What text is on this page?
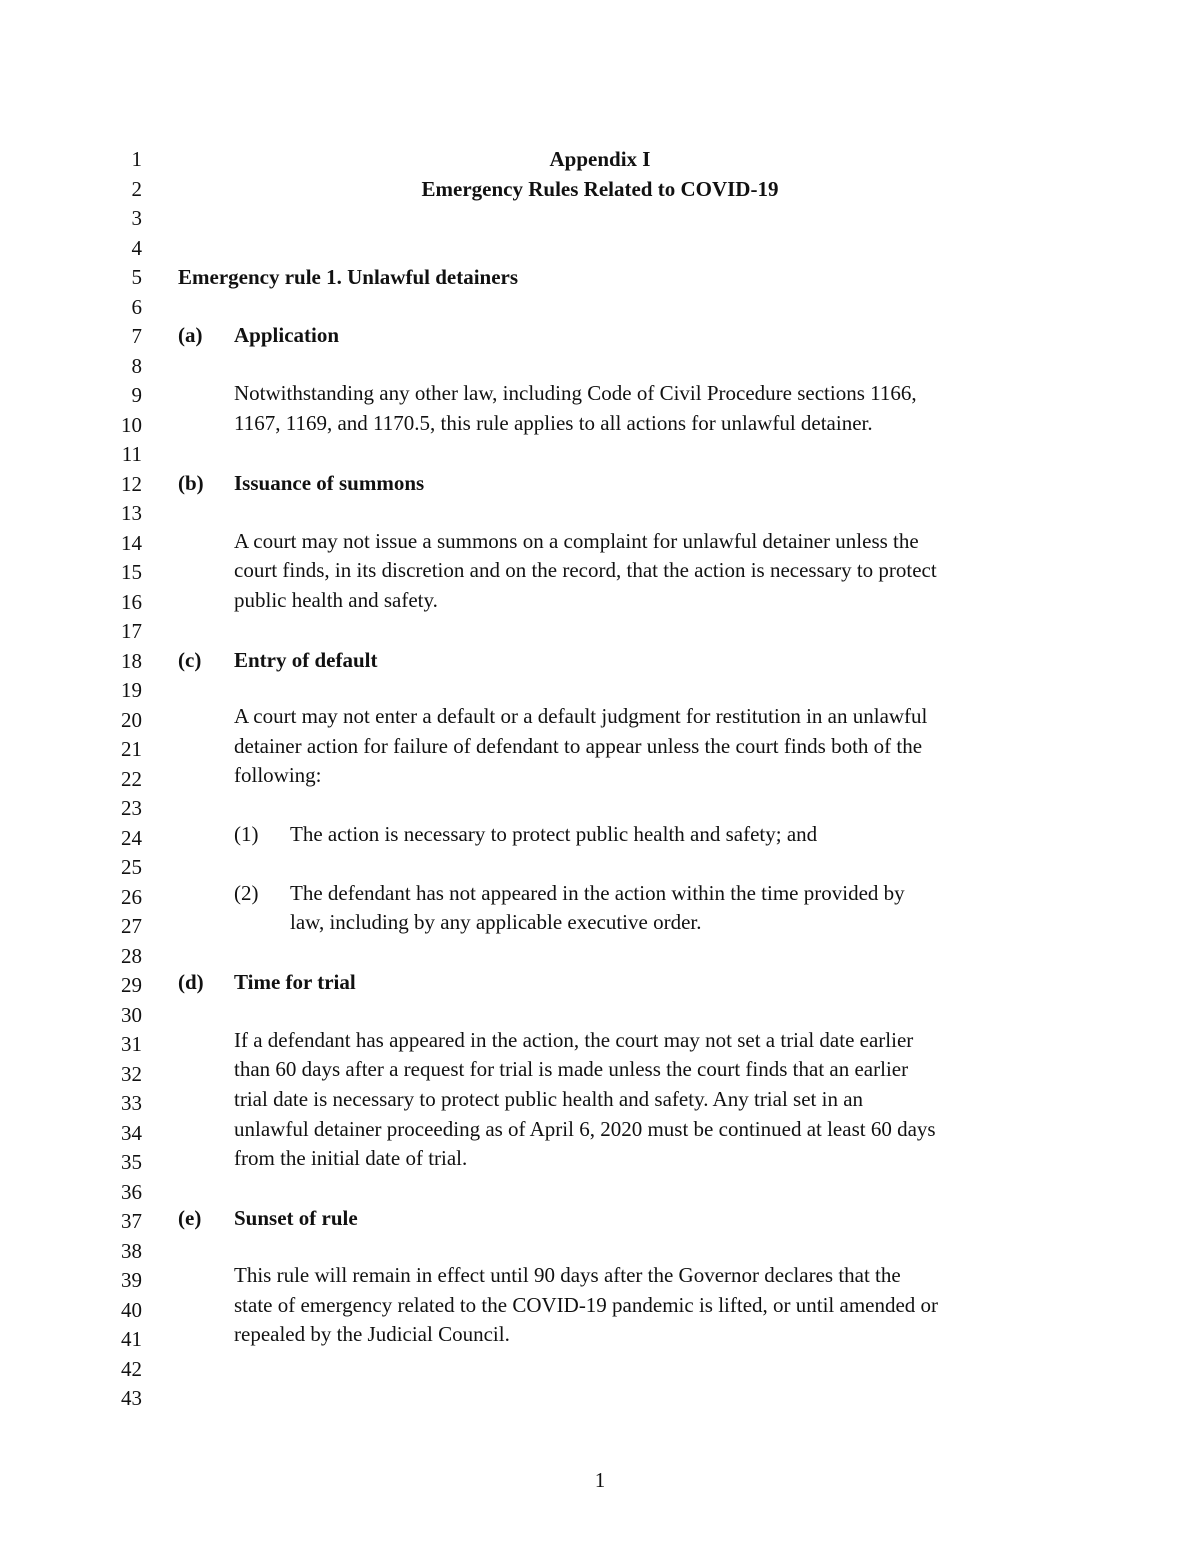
1
2
3
4
5
6
7
8
9
10
11
12
13
14
15
16
17
18
19
20
21
22
23
24
25
26
27
28
29
30
31
32
33
34
35
36
37
38
39
40
41
42
43
Appendix I
Emergency Rules Related to COVID-19
Emergency rule 1. Unlawful detainers
(a) Application
Notwithstanding any other law, including Code of Civil Procedure sections 1166,
1167, 1169, and 1170.5, this rule applies to all actions for unlawful detainer.
(b) Issuance of summons
A court may not issue a summons on a complaint for unlawful detainer unless the
court finds, in its discretion and on the record, that the action is necessary to protect
public health and safety.
(c) Entry of default
A court may not enter a default or a default judgment for restitution in an unlawful
detainer action for failure of defendant to appear unless the court finds both of the
following:
(1) The action is necessary to protect public health and safety; and
(2) The defendant has not appeared in the action within the time provided by
law, including by any applicable executive order.
(d) Time for trial
If a defendant has appeared in the action, the court may not set a trial date earlier
than 60 days after a request for trial is made unless the court finds that an earlier
trial date is necessary to protect public health and safety. Any trial set in an
unlawful detainer proceeding as of April 6, 2020 must be continued at least 60 days
from the initial date of trial.
(e) Sunset of rule
This rule will remain in effect until 90 days after the Governor declares that the
state of emergency related to the COVID-19 pandemic is lifted, or until amended or
repealed by the Judicial Council.
1
